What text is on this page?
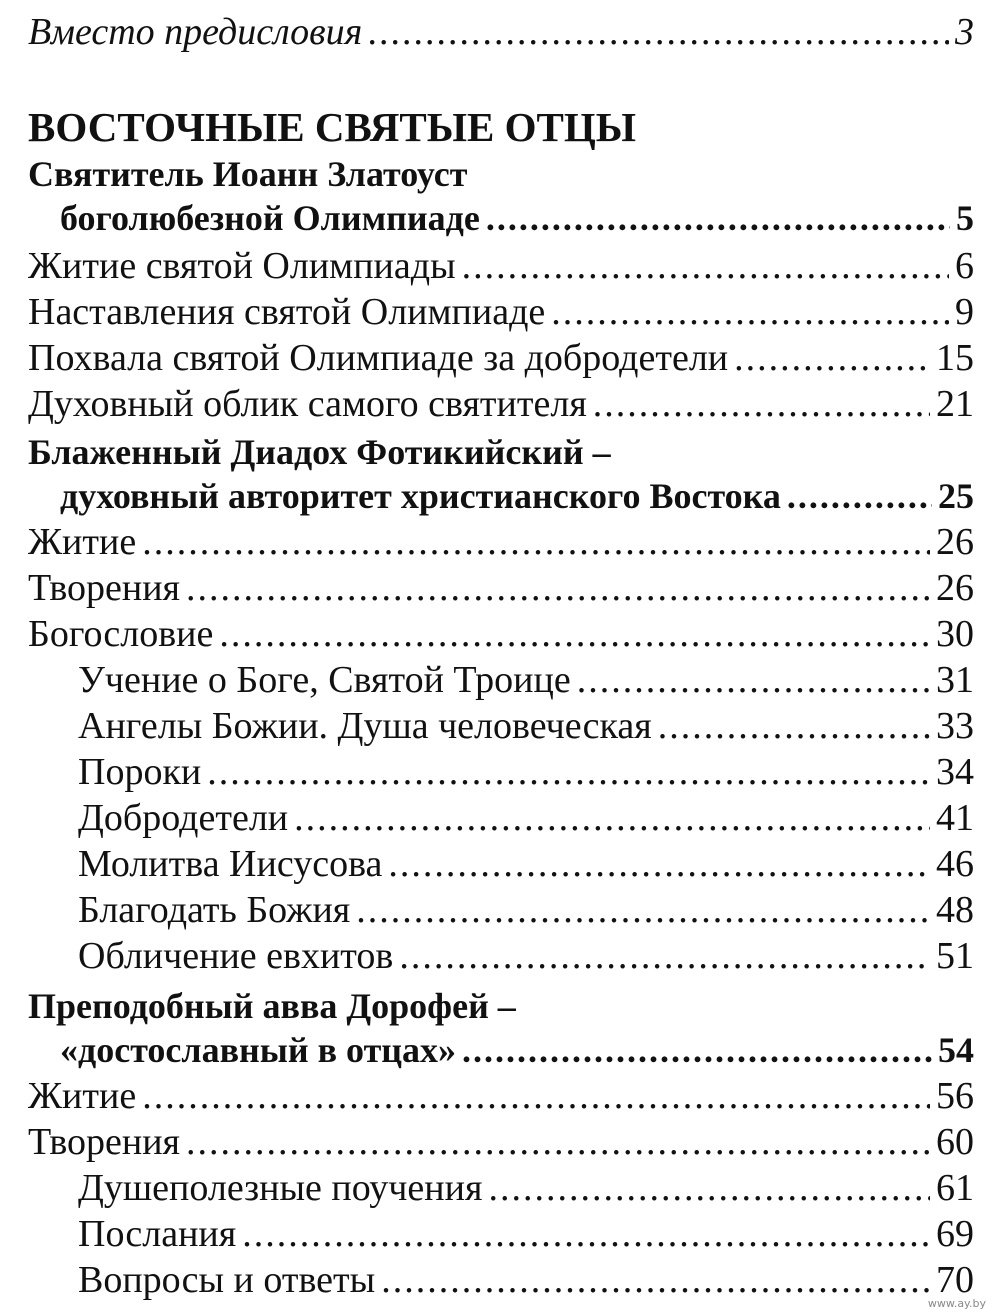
Вместо предисловия .....	3
ВОСТОЧНЫЕ СВЯТЫЕ ОТЦЫ
Святитель Иоанн Златоуст
боголюбезной Олимпиаде .....	5
Житие святой Олимпиады .....	6
Наставления святой Олимпиаде .....	9
Похвала святой Олимпиаде за добродетели .....	15
Духовный облик самого святителя .....	21
Блаженный Диадох Фотикийский –
духовный авторитет христианского Востока .....	25
Житие .....	26
Творения .....	26
Богословие .....	30
Учение о Боге, Святой Троице .....	31
Ангелы Божии. Душа человеческая .....	33
Пороки .....	34
Добродетели .....	41
Молитва Иисусова .....	46
Благодать Божия .....	48
Обличение евхитов .....	51
Преподобный авва Дорофей –
«достославный в отцах» .....	54
Житие .....	56
Творения .....	60
Душеполезные поучения .....	61
Послания .....	69
Вопросы и ответы .....	70
www.ay.by
